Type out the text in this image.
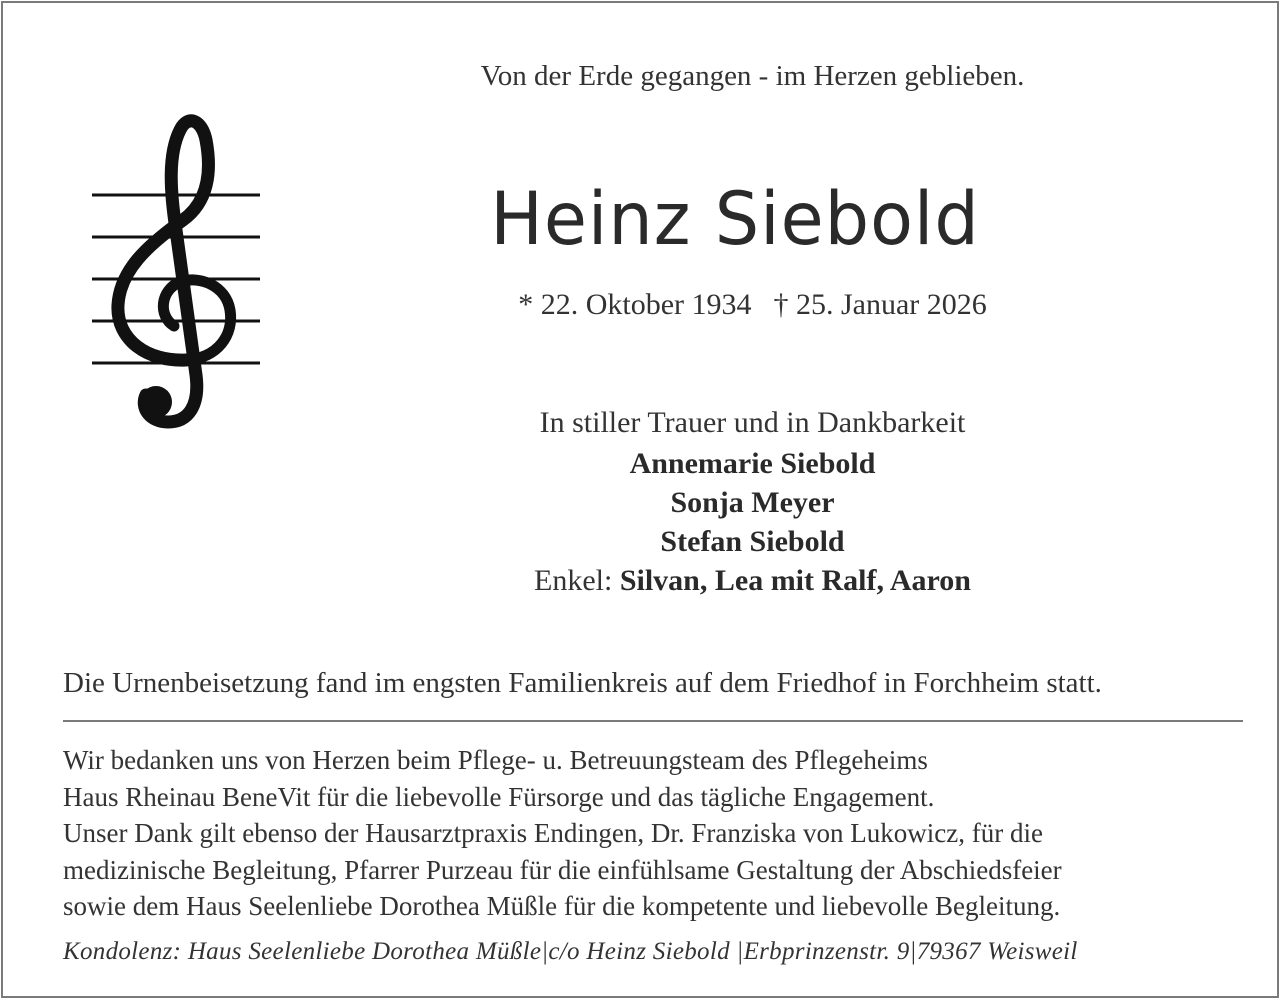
Von der Erde gegangen - im Herzen geblieben.
Heinz Siebold
* 22. Oktober 1934 † 25. Januar 2026
In stiller Trauer und in Dankbarkeit
Annemarie Siebold
Sonja Meyer
Stefan Siebold
Enkel: Silvan, Lea mit Ralf, Aaron
Die Urnenbeisetzung fand im engsten Familienkreis auf dem Friedhof in Forchheim statt.
Wir bedanken uns von Herzen beim Pflege- u. Betreuungsteam des Pflegeheims
Haus Rheinau BeneVit für die liebevolle Fürsorge und das tägliche Engagement.
Unser Dank gilt ebenso der Hausarztpraxis Endingen, Dr. Franziska von Lukowicz, für die
medizinische Begleitung, Pfarrer Purzeau für die einfühlsame Gestaltung der Abschiedsfeier
sowie dem Haus Seelenliebe Dorothea Müßle für die kompetente und liebevolle Begleitung.
Kondolenz: Haus Seelenliebe Dorothea Müßle|c/o Heinz Siebold |Erbprinzenstr. 9|79367 Weisweil
